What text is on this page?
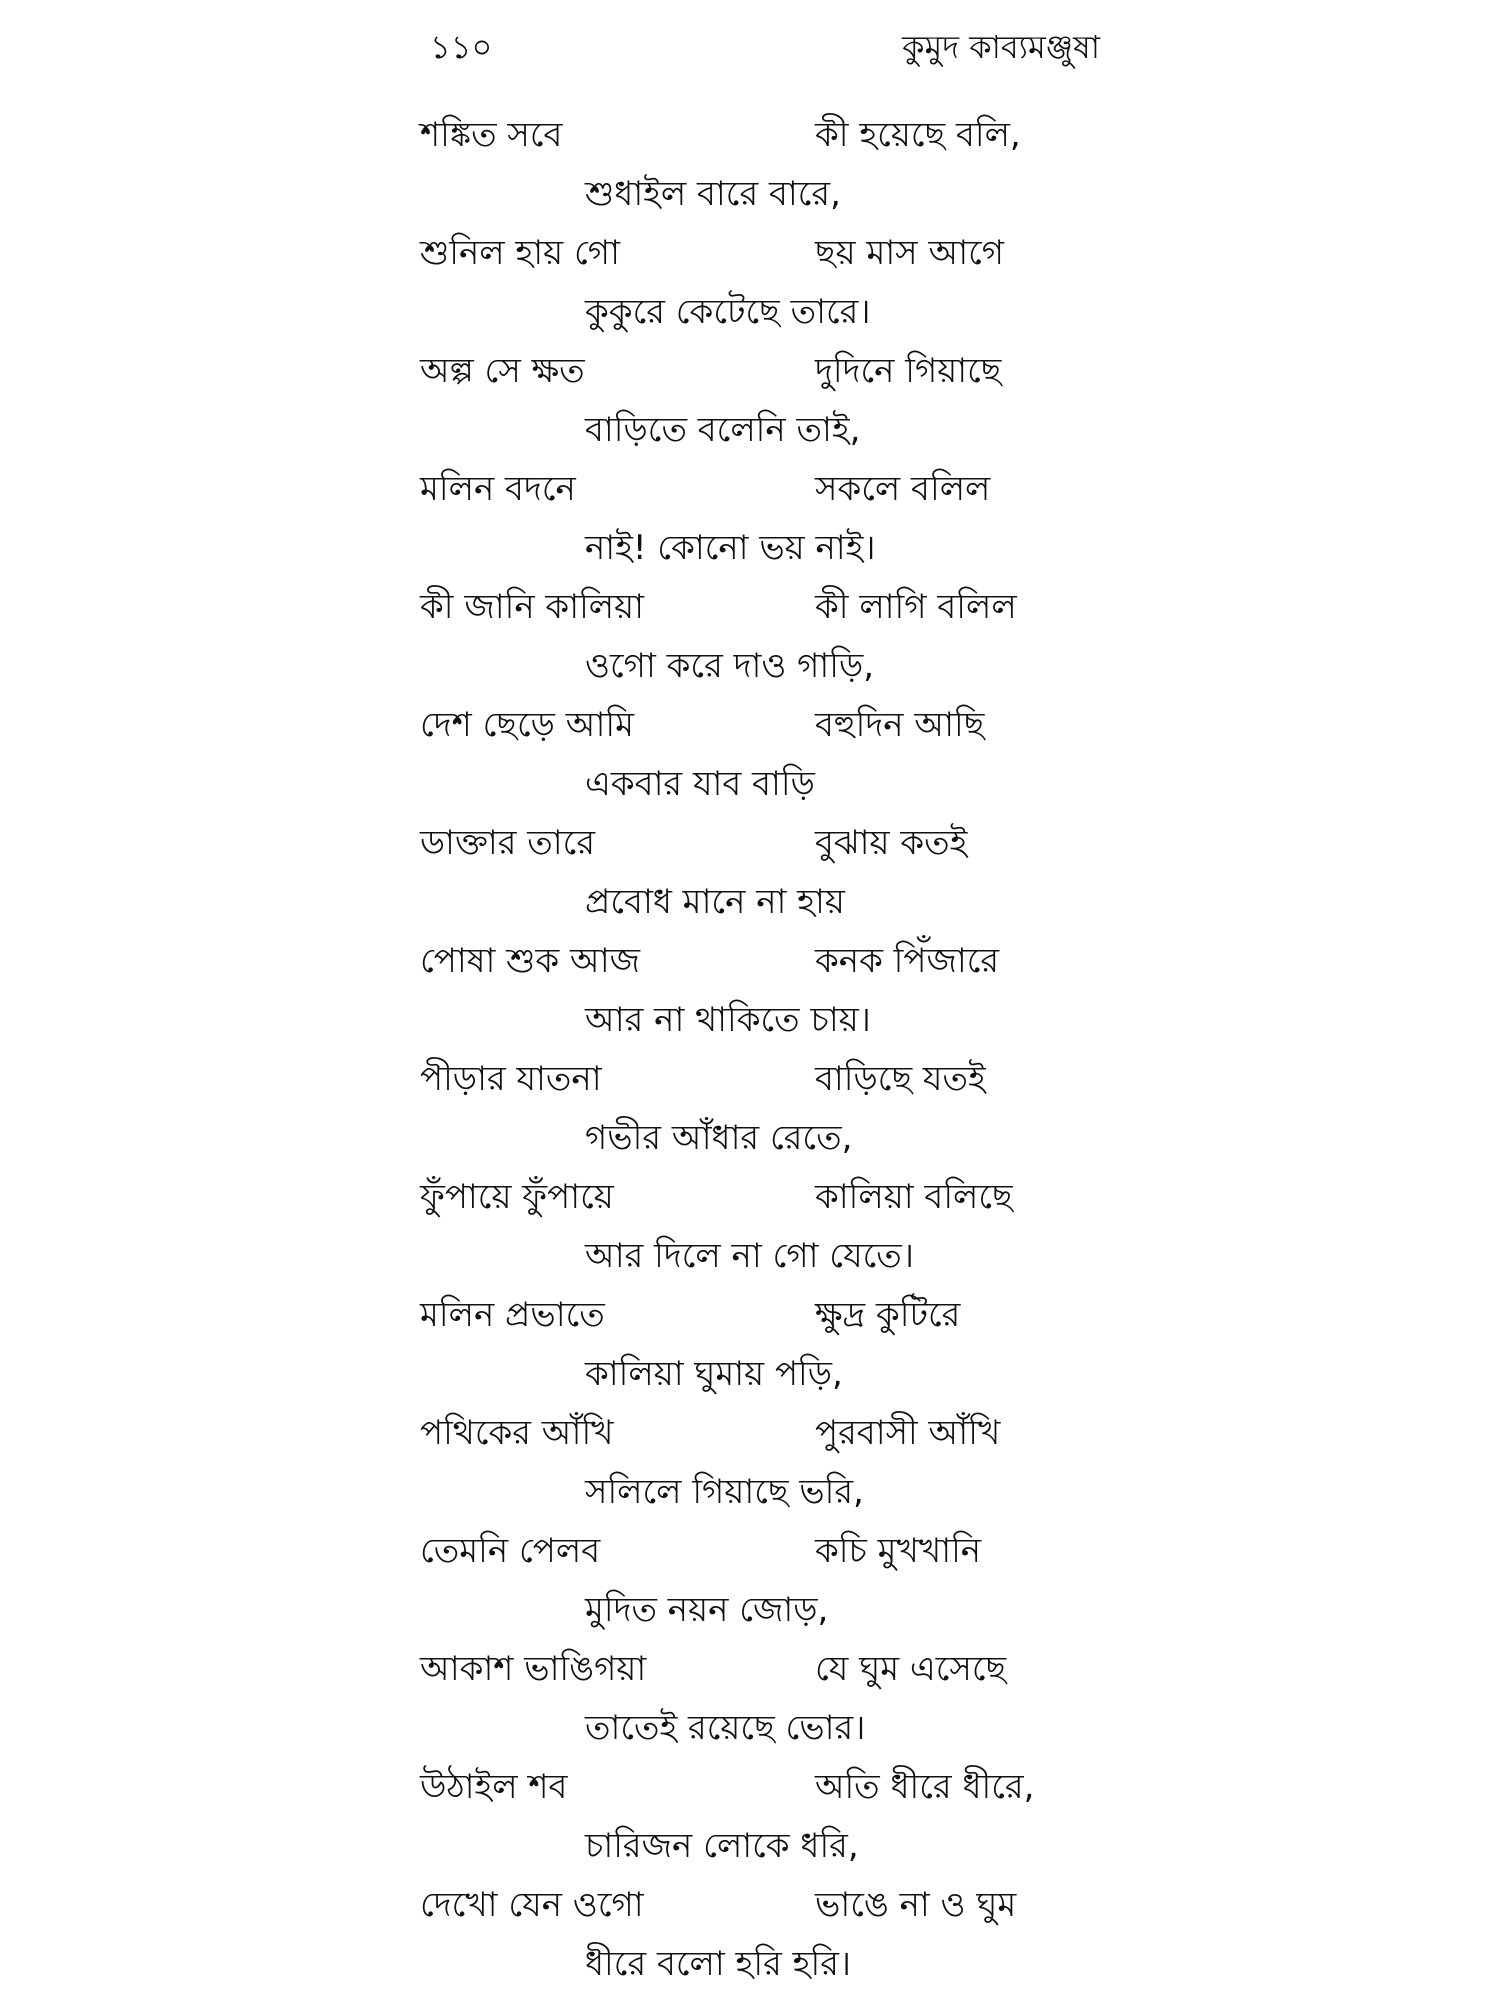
১১০	কুমুদ কাব্যমঞ্জুষা
শঙ্কিত সবে	কী হয়েছে বলি,
শুধাইল বারে বারে,
শুনিল হায় গো	ছয় মাস আগে
কুকুরে কেটেছে তারে।
অল্প সে ক্ষত	দুদিনে গিয়াছে
বাড়িতে বলেনি তাই,
মলিন বদনে	সকলে বলিল
নাই! কোনো ভয় নাই।
কী জানি কালিয়া	কী লাগি বলিল
ওগো করে দাও গাড়ি,
দেশ ছেড়ে আমি	বহুদিন আছি
একবার যাব বাড়ি
ডাক্তার তারে	বুঝায় কতই
প্রবোধ মানে না হায়
পোষা শুক আজ	কনক পিঁজারে
আর না থাকিতে চায়।
পীড়ার যাতনা	বাড়িছে যতই
গভীর আঁধার রেতে,
ফুঁপায়ে ফুঁপায়ে	কালিয়া বলিছে
আর দিলে না গো যেতে।
মলিন প্রভাতে	ক্ষুদ্র কুটিরে
কালিয়া ঘুমায় পড়ি,
পথিকের আঁখি	পুরবাসী আঁখি
সলিলে গিয়াছে ভরি,
তেমনি পেলব	কচি মুখখানি
মুদিত নয়ন জোড়,
আকাশ ভাঙিগয়া	যে ঘুম এসেছে
তাতেই রয়েছে ভোর।
উঠাইল শব	অতি ধীরে ধীরে,
চারিজন লোকে ধরি,
দেখো যেন ওগো	ভাঙে না ও ঘুম
ধীরে বলো হরি হরি।
